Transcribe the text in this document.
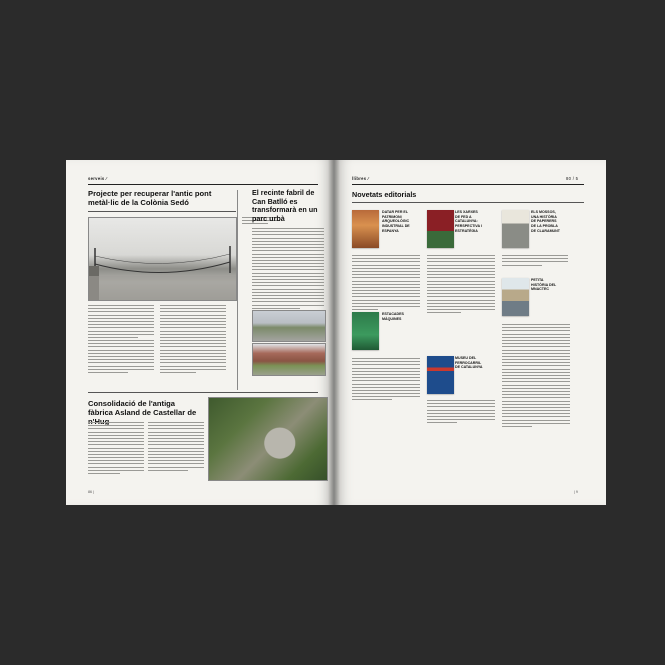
serveis ⁄
Projecte per recuperar l'antic pont metàl·lic de la Colònia Sedó
El recinte fabril de Can Batlló es transformarà en un parc urbà
Consolidació de l'antiga fàbrica Asland de Castellar de
86 |
llibres ⁄	80 / 5
Novetats editorials
DATAR PER EL PATRIMONI ARQUEOLÒGIC INDUSTRIAL DE ESPANYA
LES XARXES DE FED A CATALUNYA: PERSPECTIVA I ESTRATÈGIA
ELS MOSSOS, UNA HISTÒRIA DE PAPERERS DE LA PROBLA DE CLARAMUNT
PETITA HISTÒRIA DEL MNACTEC
ESTACADES MÀQUINES
MUSEU DEL FERROCARRIL DE CATALUNYA
| 9
